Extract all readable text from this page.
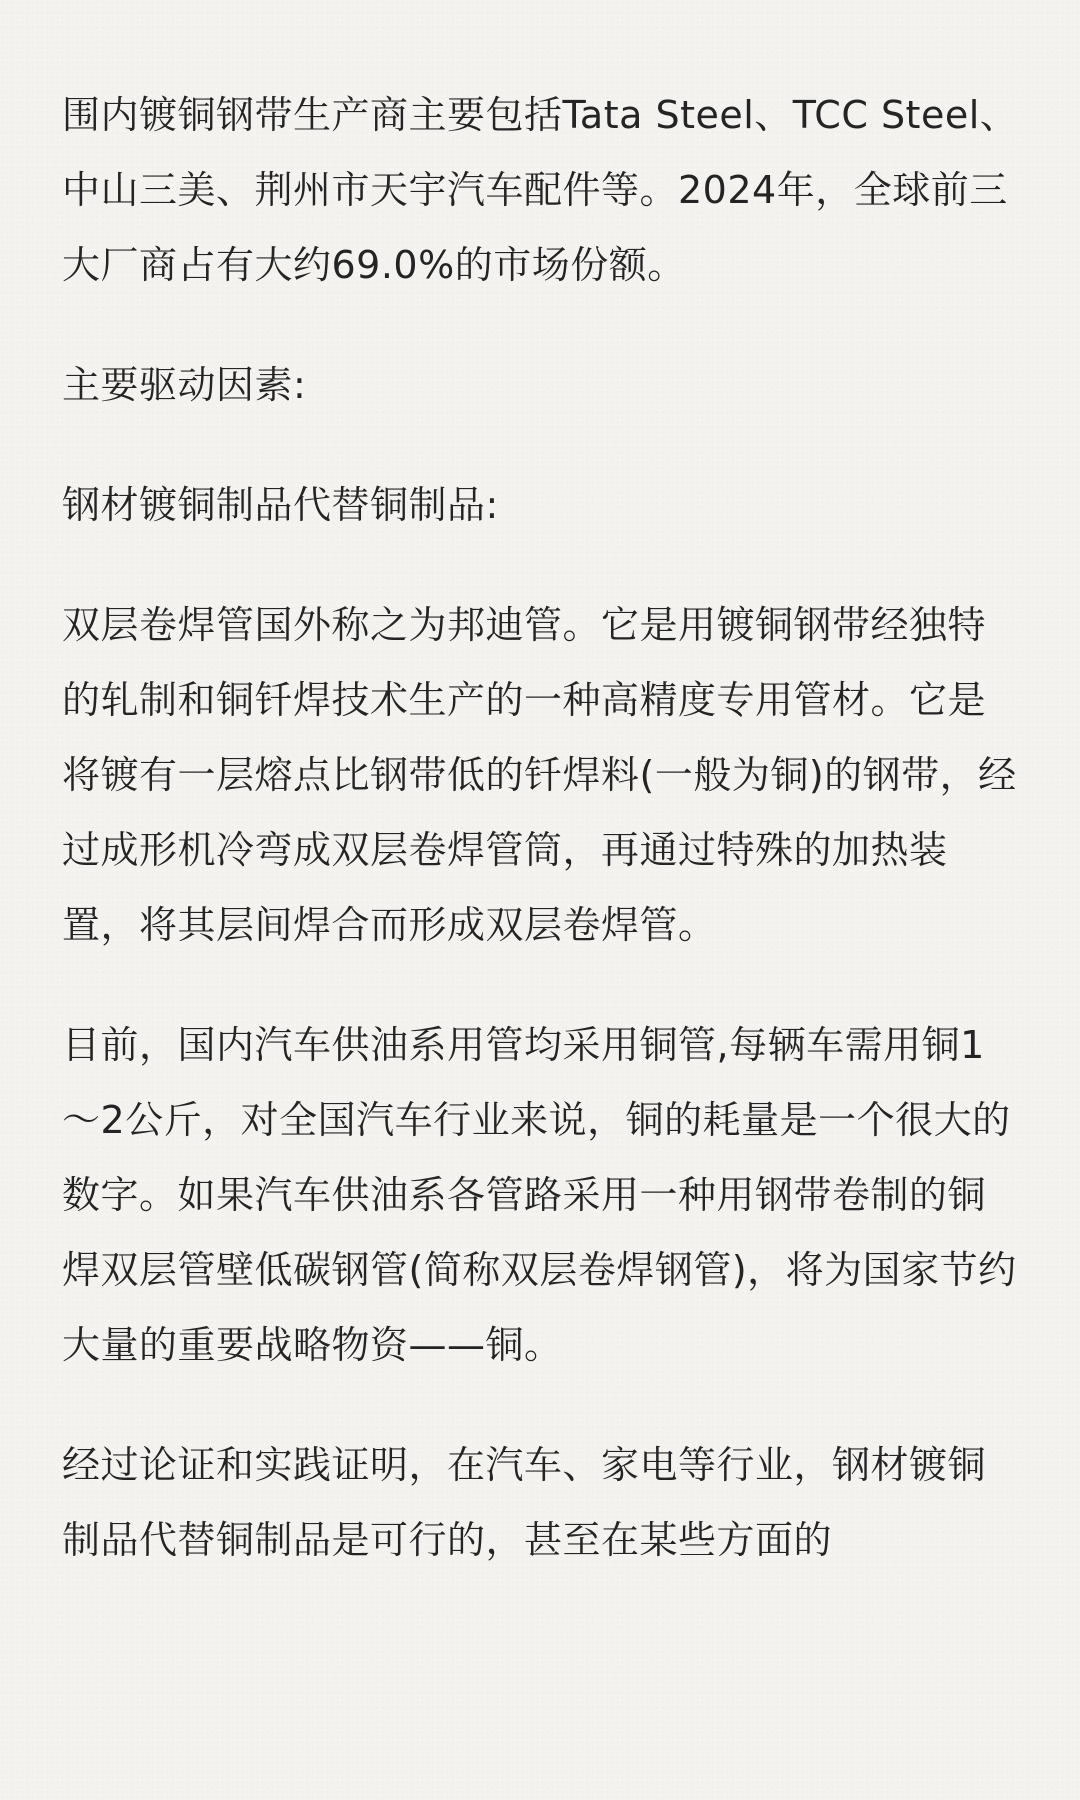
围内镀铜钢带生产商主要包括Tata Steel、TCC Steel、中山三美、荆州市天宇汽车配件等。2024年，全球前三大厂商占有大约69.0%的市场份额。

主要驱动因素:

钢材镀铜制品代替铜制品:

双层卷焊管国外称之为邦迪管。它是用镀铜钢带经独特的轧制和铜钎焊技术生产的一种高精度专用管材。它是将镀有一层熔点比钢带低的钎焊料(一般为铜)的钢带，经过成形机冷弯成双层卷焊管筒，再通过特殊的加热装置，将其层间焊合而形成双层卷焊管。

目前，国内汽车供油系用管均采用铜管,每辆车需用铜1～2公斤，对全国汽车行业来说，铜的耗量是一个很大的数字。如果汽车供油系各管路采用一种用钢带卷制的铜焊双层管壁低碳钢管(简称双层卷焊钢管)，将为国家节约大量的重要战略物资——铜。

经过论证和实践证明，在汽车、家电等行业，钢材镀铜制品代替铜制品是可行的，甚至在某些方面的
